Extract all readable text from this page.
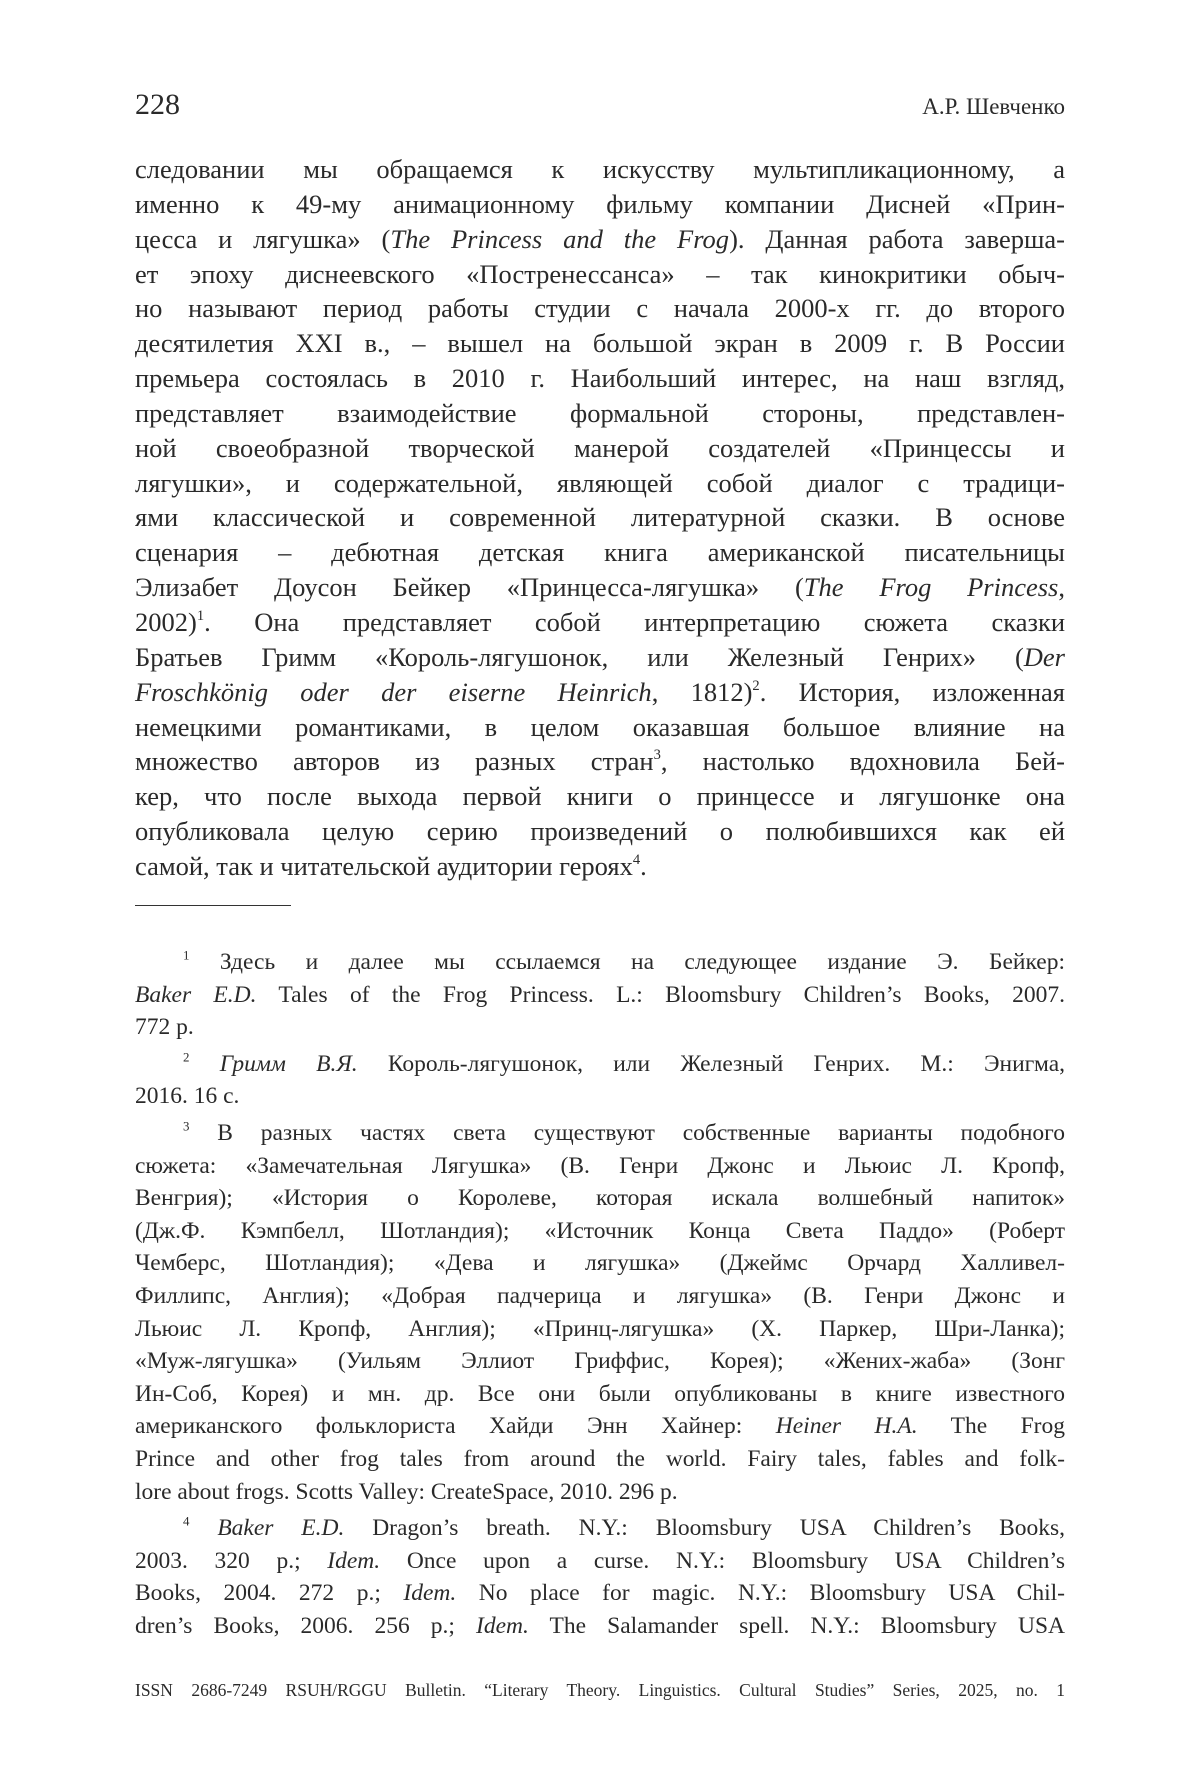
228	А.Р. Шевченко
следовании мы обращаемся к искусству мультипликационному, а
именно к 49-му анимационному фильму компании Дисней «Прин-
цесса и лягушка» (The Princess and the Frog). Данная работа заверша-
ет эпоху диснеевского «Постренессанса» – так кинокритики обыч-
но называют период работы студии с начала 2000-х гг. до второго
десятилетия XXI в., – вышел на большой экран в 2009 г. В России
премьера состоялась в 2010 г. Наибольший интерес, на наш взгляд,
представляет взаимодействие формальной стороны, представлен-
ной своеобразной творческой манерой создателей «Принцессы и
лягушки», и содержательной, являющей собой диалог с традици-
ями классической и современной литературной сказки. В основе
сценария – дебютная детская книга американской писательницы
Элизабет Доусон Бейкер «Принцесса-лягушка» (The Frog Princess,
2002)1. Она представляет собой интерпретацию сюжета сказки
Братьев Гримм «Король-лягушонок, или Железный Генрих» (Der
Froschkönig oder der eiserne Heinrich, 1812)2. История, изложенная
немецкими романтиками, в целом оказавшая большое влияние на
множество авторов из разных стран3, настолько вдохновила Бей-
кер, что после выхода первой книги о принцессе и лягушонке она
опубликовала целую серию произведений о полюбившихся как ей
самой, так и читательской аудитории героях4.
1 Здесь и далее мы ссылаемся на следующее издание Э. Бейкер:
Baker E.D. Tales of the Frog Princess. L.: Bloomsbury Children’s Books, 2007.
772 p.
2 Гримм В.Я. Король-лягушонок, или Железный Генрих. М.: Энигма,
2016. 16 с.
3 В разных частях света существуют собственные варианты подобного
сюжета: «Замечательная Лягушка» (В. Генри Джонс и Льюис Л. Кропф,
Венгрия); «История о Королеве, которая искала волшебный напиток»
(Дж.Ф. Кэмпбелл, Шотландия); «Источник Конца Света Паддо» (Роберт
Чемберс, Шотландия); «Дева и лягушка» (Джеймс Орчард Халливел-
Филлипс, Англия); «Добрая падчерица и лягушка» (В. Генри Джонс и
Льюис Л. Кропф, Англия); «Принц-лягушка» (Х. Паркер, Шри-Ланка);
«Муж-лягушка» (Уильям Эллиот Гриффис, Корея); «Жених-жаба» (Зонг
Ин-Соб, Корея) и мн. др. Все они были опубликованы в книге известного
американского фольклориста Хайди Энн Хайнер: Heiner H.A. The Frog
Prince and other frog tales from around the world. Fairy tales, fables and folk-
lore about frogs. Scotts Valley: CreateSpace, 2010. 296 p.
4 Baker E.D. Dragon’s breath. N.Y.: Bloomsbury USA Children’s Books,
2003. 320 p.; Idem. Once upon a curse. N.Y.: Bloomsbury USA Children’s
Books, 2004. 272 p.; Idem. No place for magic. N.Y.: Bloomsbury USA Chil-
dren’s Books, 2006. 256 p.; Idem. The Salamander spell. N.Y.: Bloomsbury USA
ISSN 2686-7249 RSUH/RGGU Bulletin. “Literary Theory. Linguistics. Cultural Studies” Series, 2025, no. 1
